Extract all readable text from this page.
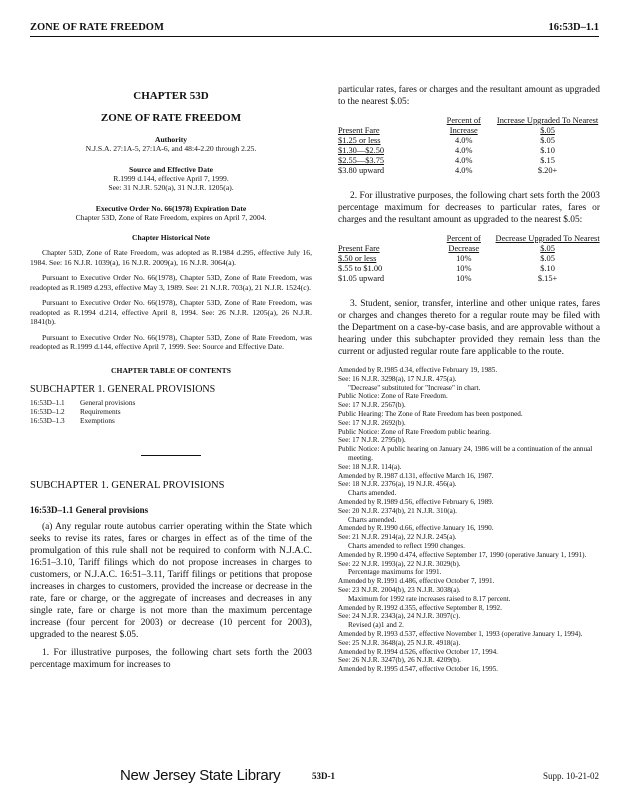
ZONE OF RATE FREEDOM	16:53D–1.1
CHAPTER 53D
ZONE OF RATE FREEDOM
Authority
N.J.S.A. 27:1A-5, 27:1A-6, and 48:4-2.20 through 2.25.
Source and Effective Date
R.1999 d.144, effective April 7, 1999.
See: 31 N.J.R. 520(a), 31 N.J.R. 1205(a).
Executive Order No. 66(1978) Expiration Date
Chapter 53D, Zone of Rate Freedom, expires on April 7, 2004.
Chapter Historical Note

Chapter 53D, Zone of Rate Freedom, was adopted as R.1984 d.295, effective July 16, 1984. See: 16 N.J.R. 1039(a), 16 N.J.R. 2009(a), 16 N.J.R. 3064(a).

Pursuant to Executive Order No. 66(1978), Chapter 53D, Zone of Rate Freedom, was readopted as R.1989 d.293, effective May 3, 1989. See: 21 N.J.R. 703(a), 21 N.J.R. 1524(c).

Pursuant to Executive Order No. 66(1978), Chapter 53D, Zone of Rate Freedom, was readopted as R.1994 d.214, effective April 8, 1994. See: 26 N.J.R. 1205(a), 26 N.J.R. 1841(b).

Pursuant to Executive Order No. 66(1978), Chapter 53D, Zone of Rate Freedom, was readopted as R.1999 d.144, effective April 7, 1999. See: Source and Effective Date.

CHAPTER TABLE OF CONTENTS
SUBCHAPTER 1. GENERAL PROVISIONS
16:53D–1.1 General provisions
16:53D–1.2 Requirements
16:53D–1.3 Exemptions
SUBCHAPTER 1. GENERAL PROVISIONS
16:53D–1.1 General provisions

(a) Any regular route autobus carrier operating within the State which seeks to revise its rates, fares or charges in effect as of the time of the promulgation of this rule shall not be required to conform with N.J.A.C. 16:51–3.10, Tariff filings which do not propose increases in charges to customers, or N.J.A.C. 16:51–3.11, Tariff filings or petitions that propose increases in charges to customers, provided the increase or decrease in the rate, fare or charge, or the aggregate of increases and decreases in any single rate, fare or charge is not more than the maximum percentage increase (four percent for 2003) or decrease (10 percent for 2003), upgraded to the nearest $.05.

1. For illustrative purposes, the following chart sets forth the 2003 percentage maximum for increases to

particular rates, fares or charges and the resultant amount as upgraded to the nearest $.05:

Present Fare	Percent of Increase	Increase Upgraded To Nearest $.05
$1.25 or less	4.0%	$.05
$1.30—$2.50	4.0%	$.10
$2.55—$3.75	4.0%	$.15
$3.80 upward	4.0%	$.20+

2. For illustrative purposes, the following chart sets forth the 2003 percentage maximum for decreases to particular rates, fares or charges and the resultant amount as upgraded to the nearest $.05:

Present Fare	Percent of Decrease	Decrease Upgraded To Nearest $.05
$.50 or less	10%	$.05
$.55 to $1.00	10%	$.10
$1.05 upward	10%	$.15+

3. Student, senior, transfer, interline and other unique rates, fares or charges and changes thereto for a regular route may be filed with the Department on a case-by-case basis, and are approvable without a hearing under this subchapter provided they remain less than the current or adjusted regular route fare applicable to the route.

Amended by R.1985 d.34, effective February 19, 1985.
See: 16 N.J.R. 3298(a), 17 N.J.R. 475(a).
"Decrease" substituted for "Increase" in chart.
Public Notice: Zone of Rate Freedom.
See: 17 N.J.R. 2567(b).
Public Hearing: The Zone of Rate Freedom has been postponed.
See: 17 N.J.R. 2692(b).
Public Notice: Zone of Rate Freedom public hearing.
See: 17 N.J.R. 2795(b).
Public Notice: A public hearing on January 24, 1986 will be a continuation of the annual meeting.
See: 18 N.J.R. 114(a).
Amended by R.1987 d.131, effective March 16, 1987.
See: 18 N.J.R. 2376(a), 19 N.J.R. 456(a).
Charts amended.
Amended by R.1989 d.56, effective February 6, 1989.
See: 20 N.J.R. 2374(b), 21 N.J.R. 310(a).
Charts amended.
Amended by R.1990 d.66, effective January 16, 1990.
See: 21 N.J.R. 2914(a), 22 N.J.R. 245(a).
Charts amended to reflect 1990 changes.
Amended by R.1990 d.474, effective September 17, 1990 (operative January 1, 1991).
See: 22 N.J.R. 1993(a), 22 N.J.R. 3029(b).
Percentage maximums for 1991.
Amended by R.1991 d.486, effective October 7, 1991.
See: 23 N.J.R. 2004(b), 23 N.J.R. 3038(a).
Maximum for 1992 rate increases raised to 8.17 percent.
Amended by R.1992 d.355, effective September 8, 1992.
See: 24 N.J.R. 2343(a), 24 N.J.R. 3097(c).
Revised (a)1 and 2.
Amended by R.1993 d.537, effective November 1, 1993 (operative January 1, 1994).
See: 25 N.J.R. 3648(a), 25 N.J.R. 4918(a).
Amended by R.1994 d.526, effective October 17, 1994.
See: 26 N.J.R. 3247(b), 26 N.J.R. 4209(b).
Amended by R.1995 d.547, effective October 16, 1995.
New Jersey State Library	53D-1	Supp. 10-21-02
